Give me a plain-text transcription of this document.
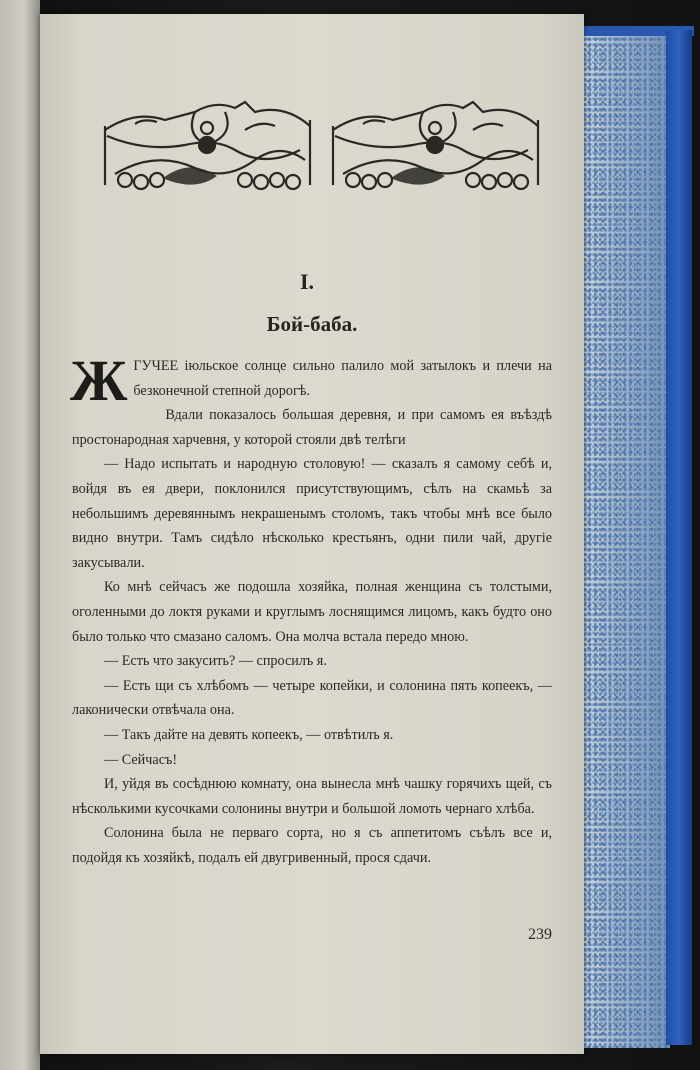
I.
Бой-баба.

ЖГУЧЕЕ іюльское солнце сильно палило мой затылокъ и плечи на безконечной степной дорогѣ.

Вдали показалось большая деревня, и при самомъ ея въѣздѣ простонародная харчевня, у которой стояли двѣ телѣги

— Надо испытать и народную столовую! — сказалъ я самому себѣ и, войдя въ ея двери, поклонился присутствующимъ, сѣлъ на скамьѣ за небольшимъ деревяннымъ некрашенымъ столомъ, такъ чтобы мнѣ все было видно внутри. Тамъ сидѣло нѣсколько крестьянъ, одни пили чай, другіе закусывали.

Ко мнѣ сейчасъ же подошла хозяйка, полная женщина съ толстыми, оголенными до локтя руками и круглымъ лоснящимся лицомъ, какъ будто оно было только что смазано саломъ. Она молча встала передо мною.

— Есть что закусить? — спросилъ я.

— Есть щи съ хлѣбомъ — четыре копейки, и солонина пять копеекъ, — лаконически отвѣчала она.

— Такъ дайте на девять копеекъ, — отвѣтилъ я.

— Сейчасъ!

И, уйдя въ сосѣднюю комнату, она вынесла мнѣ чашку горячихъ щей, съ нѣсколькими кусочками солонины внутри и большой ломоть чернаго хлѣба.

Солонина была не перваго сорта, но я съ аппетитомъ съѣлъ все и, подойдя къ хозяйкѣ, подалъ ей двугривенный, прося сдачи.

239
